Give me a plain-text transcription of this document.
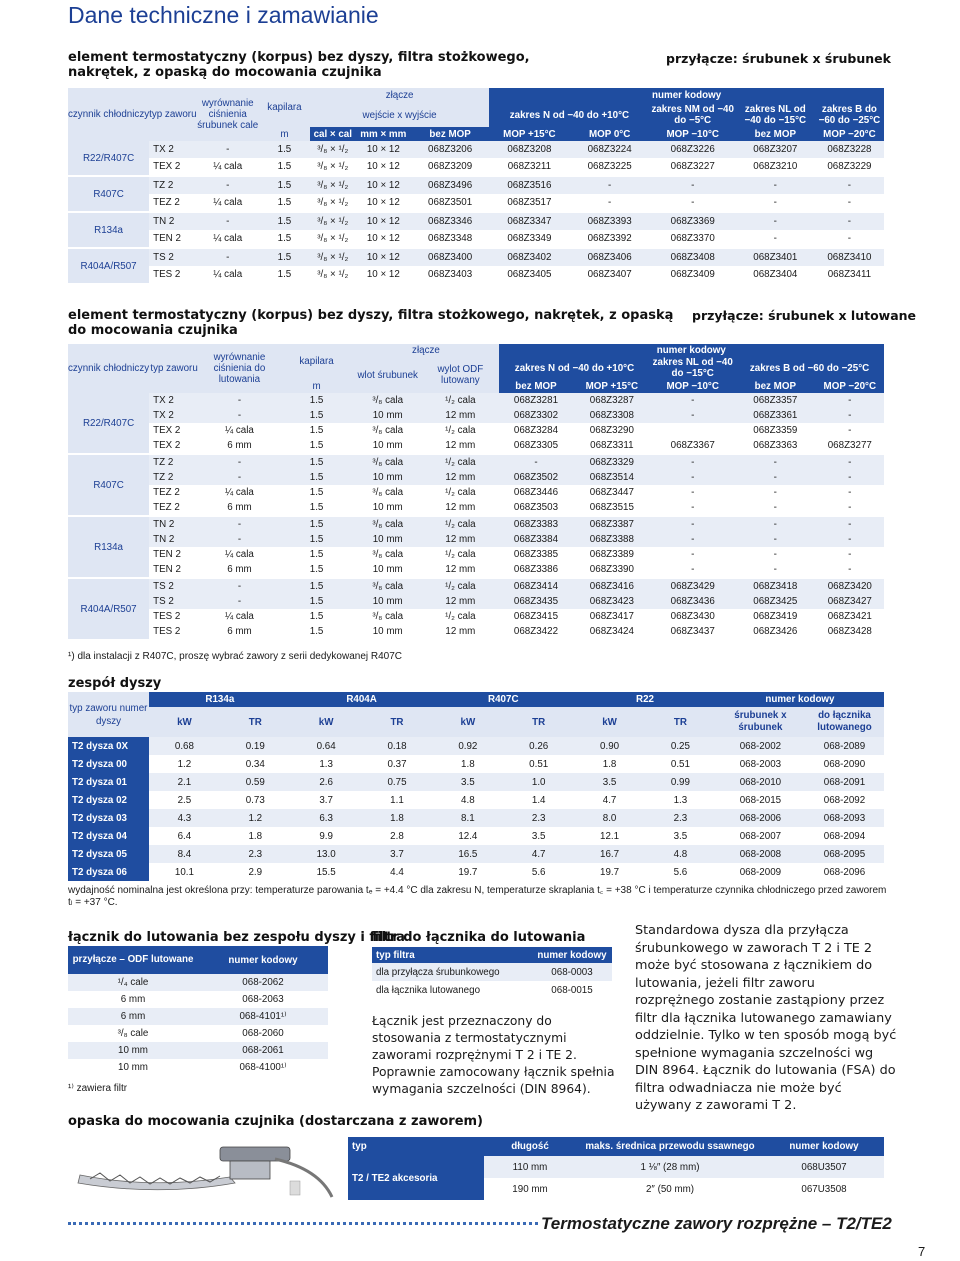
Dane techniczne i zamawianie
element termostatyczny (korpus) bez dyszy, filtra stożkowego, nakrętek, z opaską do mocowania czujnika
przyłącze: śrubunek x śrubunek
czynnik chłodniczy	typ zaworu	wyrównanie ciśnienia śrubunek cale	kapilara	złącze			numer kodowy				
				wejście x wyjście			zakres N od −40 do +10°C		zakres NM od −40 do −5°C	zakres NL od −40 do −15°C	zakres B do −60 do −25°C
			m	cal × cal	mm × mm	bez MOP	MOP +15°C	MOP 0°C	MOP −10°C	bez MOP	MOP −20°C
R22/R407C	TX 2	-	1.5	³/₈ × ¹/₂	10 × 12	068Z3206	068Z3208	068Z3224	068Z3226	068Z3207	068Z3228
	TEX 2	¼ cala	1.5	³/₈ × ¹/₂	10 × 12	068Z3209	068Z3211	068Z3225	068Z3227	068Z3210	068Z3229

R407C	TZ 2	-	1.5	³/₈ × ¹/₂	10 × 12	068Z3496	068Z3516	-	-	-	-
	TEZ 2	¼ cala	1.5	³/₈ × ¹/₂	10 × 12	068Z3501	068Z3517	-	-	-	-

R134a	TN 2	-	1.5	³/₈ × ¹/₂	10 × 12	068Z3346	068Z3347	068Z3393	068Z3369	-	-
	TEN 2	¼ cala	1.5	³/₈ × ¹/₂	10 × 12	068Z3348	068Z3349	068Z3392	068Z3370	-	-

R404A/R507	TS 2	-	1.5	³/₈ × ¹/₂	10 × 12	068Z3400	068Z3402	068Z3406	068Z3408	068Z3401	068Z3410
	TES 2	¼ cala	1.5	³/₈ × ¹/₂	10 × 12	068Z3403	068Z3405	068Z3407	068Z3409	068Z3404	068Z3411
element termostatyczny (korpus) bez dyszy, filtra stożkowego, nakrętek, z opaską do mocowania czujnika
przyłącze: śrubunek x lutowane
czynnik chłodniczy	typ zaworu	wyrównanie ciśnienia do lutowania	kapilara	złącze		numer kodowy				
				wlot śrubunek	wylot ODF lutowany	zakres N od −40 do +10°C		zakres NL od −40 do −15°C	zakres B od −60 do −25°C	
			m			bez MOP	MOP +15°C	MOP −10°C	bez MOP	MOP −20°C
R22/R407C	TX 2	-	1.5	³/₈ cala	¹/₂ cala	068Z3281	068Z3287	-	068Z3357	-
	TX 2	-	1.5	10 mm	12 mm	068Z3302	068Z3308	-	068Z3361	-
	TEX 2	¼ cala	1.5	³/₈ cala	¹/₂ cala	068Z3284	068Z3290		068Z3359	-
	TEX 2	6 mm	1.5	10 mm	12 mm	068Z3305	068Z3311	068Z3367	068Z3363	068Z3277

R407C	TZ 2	-	1.5	³/₈ cala	¹/₂ cala	-	068Z3329	-	-	-
	TZ 2	-	1.5	10 mm	12 mm	068Z3502	068Z3514	-	-	-
	TEZ 2	¼ cala	1.5	³/₈ cala	¹/₂ cala	068Z3446	068Z3447	-	-	-
	TEZ 2	6 mm	1.5	10 mm	12 mm	068Z3503	068Z3515	-	-	-

R134a	TN 2	-	1.5	³/₈ cala	¹/₂ cala	068Z3383	068Z3387	-	-	-
	TN 2	-	1.5	10 mm	12 mm	068Z3384	068Z3388	-	-	-
	TEN 2	¼ cala	1.5	³/₈ cala	¹/₂ cala	068Z3385	068Z3389	-	-	-
	TEN 2	6 mm	1.5	10 mm	12 mm	068Z3386	068Z3390	-	-	-

R404A/R507	TS 2	-	1.5	³/₈ cala	¹/₂ cala	068Z3414	068Z3416	068Z3429	068Z3418	068Z3420
	TS 2	-	1.5	10 mm	12 mm	068Z3435	068Z3423	068Z3436	068Z3425	068Z3427
	TES 2	¼ cala	1.5	³/₈ cala	¹/₂ cala	068Z3415	068Z3417	068Z3430	068Z3419	068Z3421
	TES 2	6 mm	1.5	10 mm	12 mm	068Z3422	068Z3424	068Z3437	068Z3426	068Z3428
¹) dla instalacji z R407C, proszę wybrać zawory z serii dedykowanej R407C
zespół dyszy
typ zaworu numer dyszy	R134a		R404A		R407C		R22		numer kodowy	
	kW	TR	kW	TR	kW	TR	kW	TR	śrubunek x śrubunek	do łącznika lutowanego
T2 dysza 0X	0.68	0.19	0.64	0.18	0.92	0.26	0.90	0.25	068-2002	068-2089
T2 dysza 00	1.2	0.34	1.3	0.37	1.8	0.51	1.8	0.51	068-2003	068-2090
T2 dysza 01	2.1	0.59	2.6	0.75	3.5	1.0	3.5	0.99	068-2010	068-2091
T2 dysza 02	2.5	0.73	3.7	1.1	4.8	1.4	4.7	1.3	068-2015	068-2092
T2 dysza 03	4.3	1.2	6.3	1.8	8.1	2.3	8.0	2.3	068-2006	068-2093
T2 dysza 04	6.4	1.8	9.9	2.8	12.4	3.5	12.1	3.5	068-2007	068-2094
T2 dysza 05	8.4	2.3	13.0	3.7	16.5	4.7	16.7	4.8	068-2008	068-2095
T2 dysza 06	10.1	2.9	15.5	4.4	19.7	5.6	19.7	5.6	068-2009	068-2096
wydajność nominalna jest określona przy: temperaturze parowania tₑ = +4.4 °C dla zakresu N, temperaturze skraplania t꜀ = +38 °C i temperaturze czynnika chłodniczego przed zaworem tₗ = +37 °C.
łącznik do lutowania bez zespołu dyszy i filtra
przyłącze – ODF lutowane	numer kodowy
¹/₄ cale	068-2062
6 mm	068-2063
6 mm	068-4101¹⁾
³/₈ cale	068-2060
10 mm	068-2061
10 mm	068-4100¹⁾
¹⁾ zawiera filtr
filtr do łącznika do lutowania
typ filtra	numer kodowy
dla przyłącza śrubunkowego	068-0003
dla łącznika lutowanego	068-0015
Łącznik jest przeznaczony do stosowania z termostatycznymi zaworami rozprężnymi T 2 i TE 2. Poprawnie zamocowany łącznik spełnia wymagania szczelności (DIN 8964).
Standardowa dysza dla przyłącza śrubunkowego w zaworach T 2 i TE 2 może być stosowana z łącznikiem do lutowania, jeżeli filtr zaworu rozprężnego zostanie zastąpiony przez filtr dla łącznika lutowanego zamawiany oddzielnie. Tylko w ten sposób mogą być spełnione wymagania szczelności wg DIN 8964. Łącznik do lutowania (FSA) do filtra odwadniacza nie może być używany z zaworami T 2.
opaska do mocowania czujnika (dostarczana z zaworem)
typ	długość	maks. średnica przewodu ssawnego	numer kodowy
T2 / TE2 akcesoria	110 mm	1 ⅛″ (28 mm)	068U3507
	190 mm	2″ (50 mm)	067U3508
Termostatyczne zawory rozprężne – T2/TE2
7
